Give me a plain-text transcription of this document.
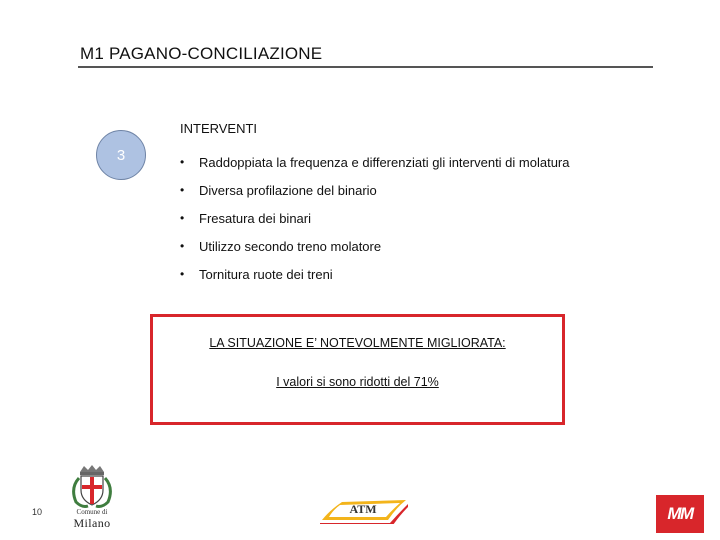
M1 PAGANO-CONCILIAZIONE
3
INTERVENTI
•	Raddoppiata la frequenza e differenziati gli interventi di molatura
•	Diversa profilazione del binario
•	Fresatura dei binari
•	Utilizzo secondo treno molatore
•	Tornitura ruote dei treni
LA SITUAZIONE E’ NOTEVOLMENTE MIGLIORATA:
I valori si sono ridotti del 71%
10	Comune di
Milano
ATM	MM
